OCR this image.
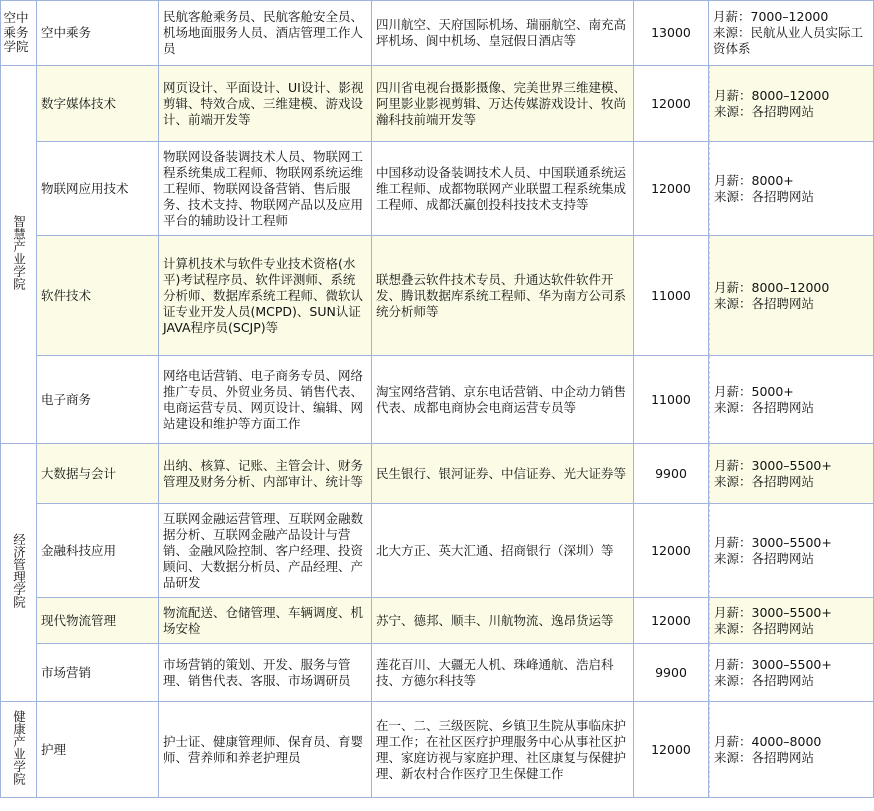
空中乘务学院	空中乘务	民航客舱乘务员、民航客舱安全员、机场地面服务人员、酒店管理工作人员	四川航空、天府国际机场、瑞丽航空、南充高坪机场、阆中机场、皇冠假日酒店等	13000	月薪：7000–12000
来源：民航从业人员实际工资体系

智慧产业学院	数字媒体技术	网页设计、平面设计、UI设计、影视剪辑、特效合成、三维建模、游戏设计、前端开发等	四川省电视台摄影摄像、完美世界三维建模、阿里影业影视剪辑、万达传媒游戏设计、牧尚瀚科技前端开发等	12000	月薪：8000–12000
来源：各招聘网站

	物联网应用技术	物联网设备装调技术人员、物联网工程系统集成工程师、物联网系统运维工程师、物联网设备营销、售后服务、技术支持、物联网产品以及应用平台的辅助设计工程师	中国移动设备装调技术人员、中国联通系统运维工程师、成都物联网产业联盟工程系统集成工程师、成都沃赢创投科技技术支持等	12000	月薪：8000+
来源：各招聘网站

	软件技术	计算机技术与软件专业技术资格(水平)考试程序员、软件评测师、系统分析师、数据库系统工程师、微软认证专业开发人员(MCPD)、SUN认证JAVA程序员(SCJP)等	联想叠云软件技术专员、升通达软件软件开发、腾讯数据库系统工程师、华为南方公司系统分析师等	11000	月薪：8000–12000
来源：各招聘网站

	电子商务	网络电话营销、电子商务专员、网络推广专员、外贸业务员、销售代表、电商运营专员、网页设计、编辑、网站建设和维护等方面工作	淘宝网络营销、京东电话营销、中企动力销售代表、成都电商协会电商运营专员等	11000	月薪：5000+
来源：各招聘网站

经济管理学院	大数据与会计	出纳、核算、记账、主管会计、财务管理及财务分析、内部审计、统计等	民生银行、银河证券、中信证券、光大证券等	9900	月薪：3000–5500+
来源：各招聘网站

	金融科技应用	互联网金融运营管理、互联网金融数据分析、互联网金融产品设计与营销、金融风险控制、客户经理、投资顾问、大数据分析员、产品经理、产品研发	北大方正、英大汇通、招商银行（深圳）等	12000	月薪：3000–5500+
来源：各招聘网站

	现代物流管理	物流配送、仓储管理、车辆调度、机场安检	苏宁、德邦、顺丰、川航物流、逸昂货运等	12000	月薪：3000–5500+
来源：各招聘网站

	市场营销	市场营销的策划、开发、服务与管理、销售代表、客服、市场调研员	莲花百川、大疆无人机、珠峰通航、浩启科技、方德尔科技等	9900	月薪：3000–5500+
来源：各招聘网站

健康产业学院	护理	护士证、健康管理师、保育员、育婴师、营养师和养老护理员	在一、二、三级医院、乡镇卫生院从事临床护理工作；在社区医疗护理服务中心从事社区护理、家庭访视与家庭护理、社区康复与保健护理、新农村合作医疗卫生保健工作	12000	月薪：4000–8000
来源：各招聘网站
